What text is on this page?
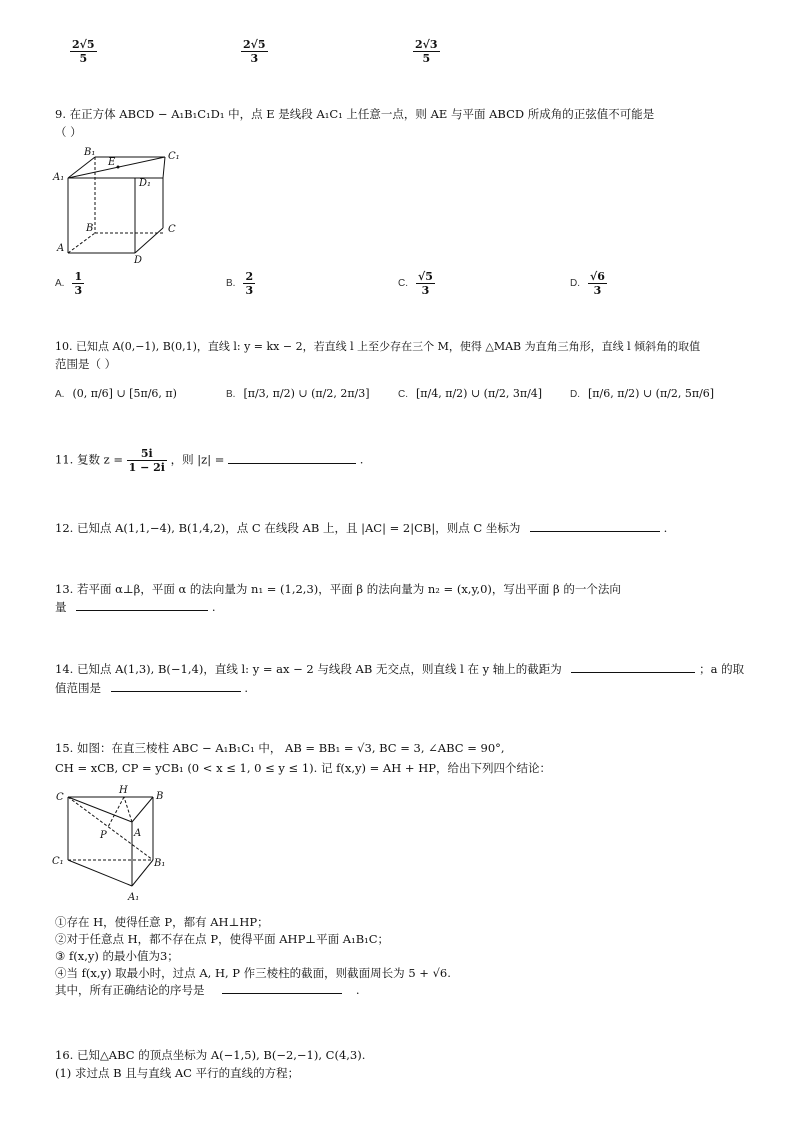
$\frac{2√5}{5}$	$\frac{2√5}{3}$	$\frac{2√3}{5}$
9. 在正方体 ABCD − A₁B₁C₁D₁ 中，点 E 是线段 A₁C₁ 上任意一点，则 AE 与平面 ABCD 所成角的正弦值不可能是
（ ）
B₁
E
C₁
A₁
D₁
B	C
A
D
A. $\frac{1}{3}$	B. $\frac{2}{3}$	C. $\frac{√5}{3}$	D. $\frac{√6}{3}$
10. 已知点 A(0,−1), B(0,1)，直线 l: y = kx − 2，若直线 l 上至少存在三个 M，使得 △MAB 为直角三角形，直线 l 倾斜角的取值
范围是（ ）
A. (0, π/6] ∪ [5π/6, π)	B. [π/3, π/2) ∪ (π/2, 2π/3]	C. [π/4, π/2) ∪ (π/2, 3π/4]	D. [π/6, π/2) ∪ (π/2, 5π/6]
11. 复数 $z = \frac{5i}{1 - 2i}$ ，则 |z| =	.
12. 已知点 A(1,1,−4), B(1,4,2)，点 C 在线段 AB 上，且 |AC| = 2|CB|，则点 C 坐标为	.
13. 若平面 α⊥β，平面 α 的法向量为 n₁ = (1,2,3)，平面 β 的法向量为 n₂ = (x,y,0)，写出平面 β 的一个法向
量	.
14. 已知点 A(1,3), B(−1,4)，直线 l: y = ax − 2 与线段 AB 无交点，则直线 l 在 y 轴上的截距为	；a 的取
值范围是	.
15. 如图：在直三棱柱 ABC − A₁B₁C₁ 中， AB = BB₁ = √3, BC = 3, ∠ABC = 90°,
CH = xCB, CP = yCB₁ (0 < x ≤ 1, 0 ≤ y ≤ 1). 记 f(x,y) = AH + HP，给出下列四个结论：
C
H
B
A
P
C₁	B₁
A₁
①存在 H，使得任意 P，都有 AH⊥HP；
②对于任意点 H，都不存在点 P，使得平面 AHP⊥平面 A₁B₁C；
③ f(x,y) 的最小值为3；
④当 f(x,y) 取最小时，过点 A, H, P 作三棱柱的截面，则截面周长为 5 + √6.
其中，所有正确结论的序号是	.
16. 已知△ABC 的顶点坐标为 A(−1,5), B(−2,−1), C(4,3).
(1) 求过点 B 且与直线 AC 平行的直线的方程；
